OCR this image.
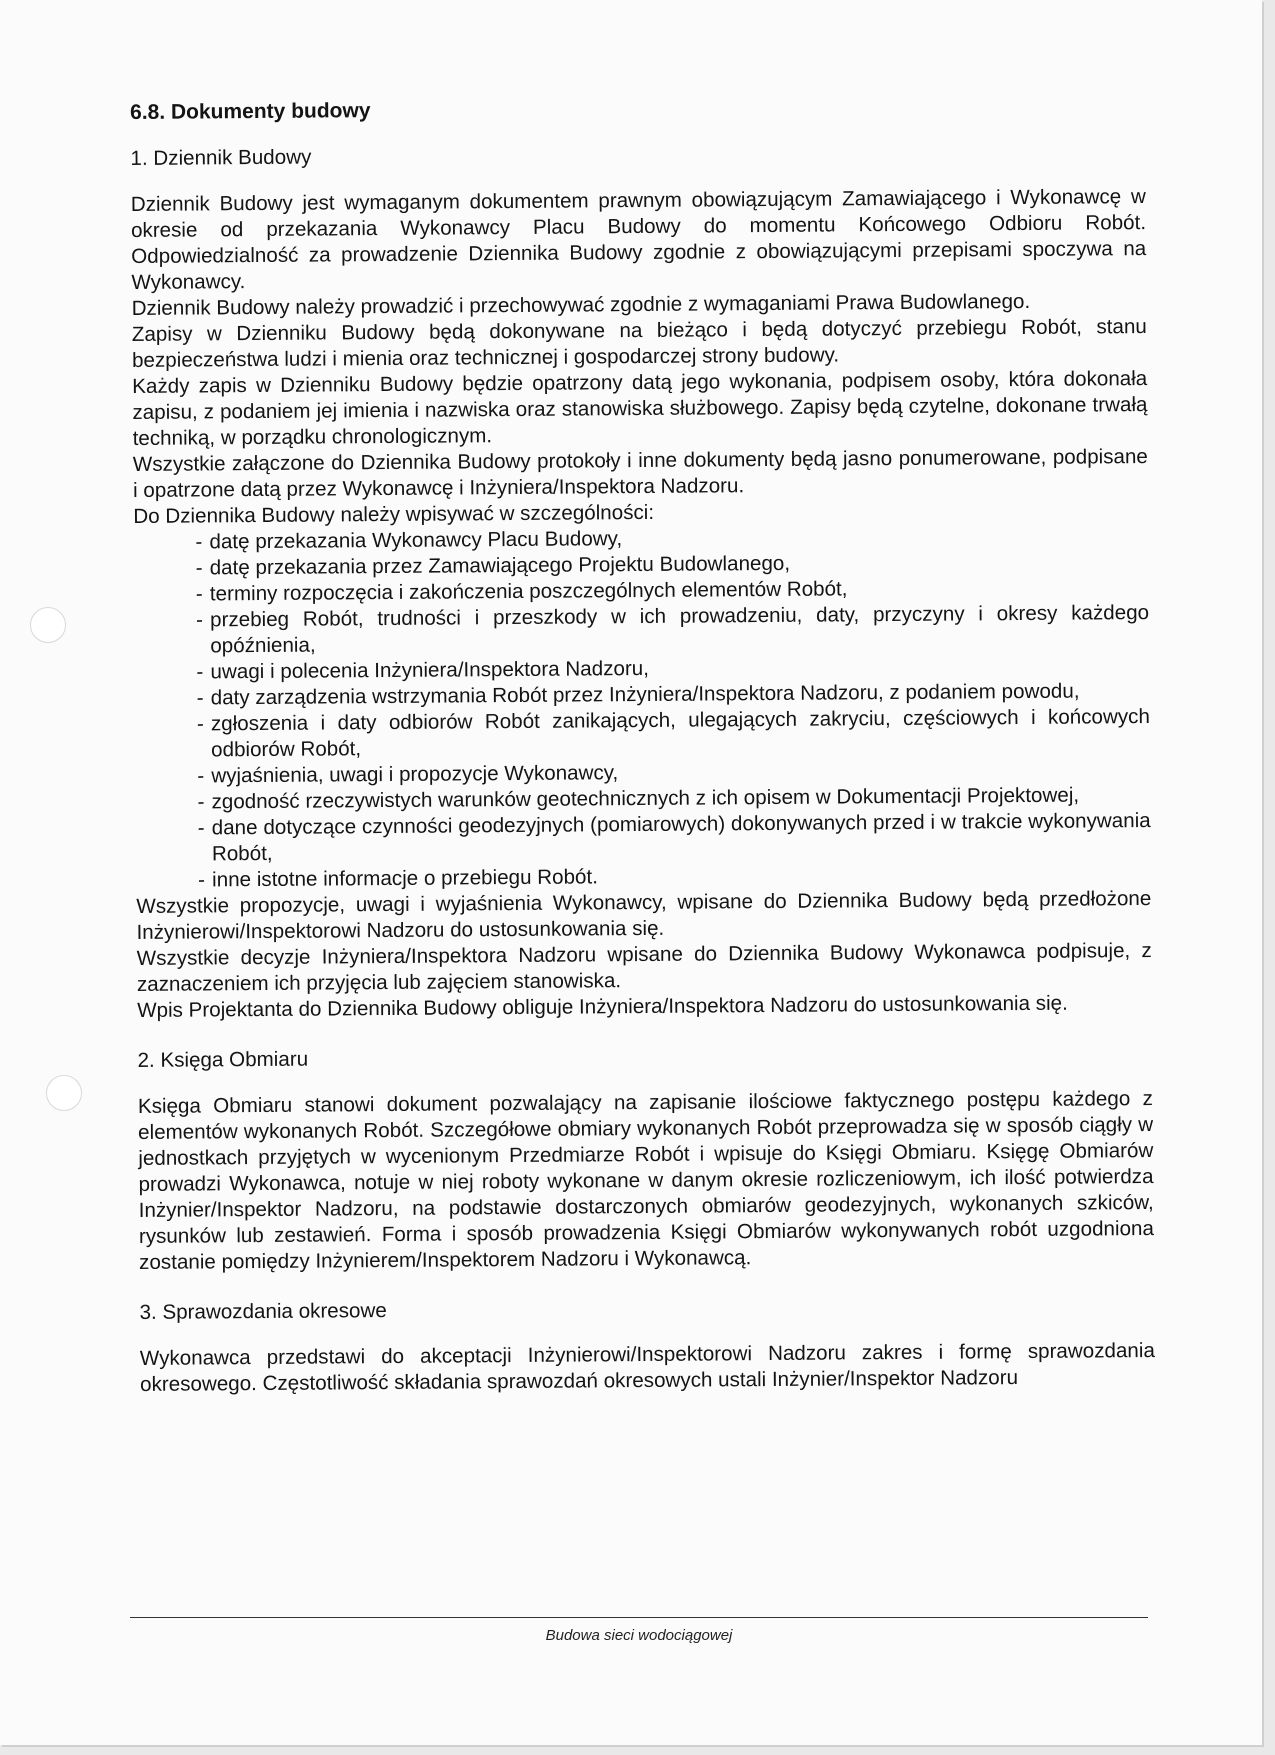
6.8. Dokumenty budowy
1. Dziennik Budowy

Dziennik Budowy jest wymaganym dokumentem prawnym obowiązującym Zamawiającego i Wykonawcę w okresie od przekazania Wykonawcy Placu Budowy do momentu Końcowego Odbioru Robót. Odpowiedzialność za prowadzenie Dziennika Budowy zgodnie z obowiązującymi przepisami spoczywa na Wykonawcy.

Dziennik Budowy należy prowadzić i przechowywać zgodnie z wymaganiami Prawa Budowlanego.

Zapisy w Dzienniku Budowy będą dokonywane na bieżąco i będą dotyczyć przebiegu Robót, stanu bezpieczeństwa ludzi i mienia oraz technicznej i gospodarczej strony budowy.

Każdy zapis w Dzienniku Budowy będzie opatrzony datą jego wykonania, podpisem osoby, która dokonała zapisu, z podaniem jej imienia i nazwiska oraz stanowiska służbowego. Zapisy będą czytelne, dokonane trwałą techniką, w porządku chronologicznym.

Wszystkie załączone do Dziennika Budowy protokoły i inne dokumenty będą jasno ponumerowane, podpisane i opatrzone datą przez Wykonawcę i Inżyniera/Inspektora Nadzoru.

Do Dziennika Budowy należy wpisywać w szczególności:

- datę przekazania Wykonawcy Placu Budowy,
- datę przekazania przez Zamawiającego Projektu Budowlanego,
- terminy rozpoczęcia i zakończenia poszczególnych elementów Robót,
- przebieg Robót, trudności i przeszkody w ich prowadzeniu, daty, przyczyny i okresy każdego opóźnienia,
- uwagi i polecenia Inżyniera/Inspektora Nadzoru,
- daty zarządzenia wstrzymania Robót przez Inżyniera/Inspektora Nadzoru, z podaniem powodu,
- zgłoszenia i daty odbiorów Robót zanikających, ulegających zakryciu, częściowych i końcowych odbiorów Robót,
- wyjaśnienia, uwagi i propozycje Wykonawcy,
- zgodność rzeczywistych warunków geotechnicznych z ich opisem w Dokumentacji Projektowej,
- dane dotyczące czynności geodezyjnych (pomiarowych) dokonywanych przed i w trakcie wykonywania Robót,
- inne istotne informacje o przebiegu Robót.

Wszystkie propozycje, uwagi i wyjaśnienia Wykonawcy, wpisane do Dziennika Budowy będą przedłożone Inżynierowi/Inspektorowi Nadzoru do ustosunkowania się.

Wszystkie decyzje Inżyniera/Inspektora Nadzoru wpisane do Dziennika Budowy Wykonawca podpisuje, z zaznaczeniem ich przyjęcia lub zajęciem stanowiska.

Wpis Projektanta do Dziennika Budowy obliguje Inżyniera/Inspektora Nadzoru do ustosunkowania się.

2. Księga Obmiaru

Księga Obmiaru stanowi dokument pozwalający na zapisanie ilościowe faktycznego postępu każdego z elementów wykonanych Robót. Szczegółowe obmiary wykonanych Robót przeprowadza się w sposób ciągły w jednostkach przyjętych w wycenionym Przedmiarze Robót i wpisuje do Księgi Obmiaru. Księgę Obmiarów prowadzi Wykonawca, notuje w niej roboty wykonane w danym okresie rozliczeniowym, ich ilość potwierdza Inżynier/Inspektor Nadzoru, na podstawie dostarczonych obmiarów geodezyjnych, wykonanych szkiców, rysunków lub zestawień. Forma i sposób prowadzenia Księgi Obmiarów wykonywanych robót uzgodniona zostanie pomiędzy Inżynierem/Inspektorem Nadzoru i Wykonawcą.

3. Sprawozdania okresowe

Wykonawca przedstawi do akceptacji Inżynierowi/Inspektorowi Nadzoru zakres i formę sprawozdania okresowego. Częstotliwość składania sprawozdań okresowych ustali Inżynier/Inspektor Nadzoru

Budowa sieci wodociągowej
